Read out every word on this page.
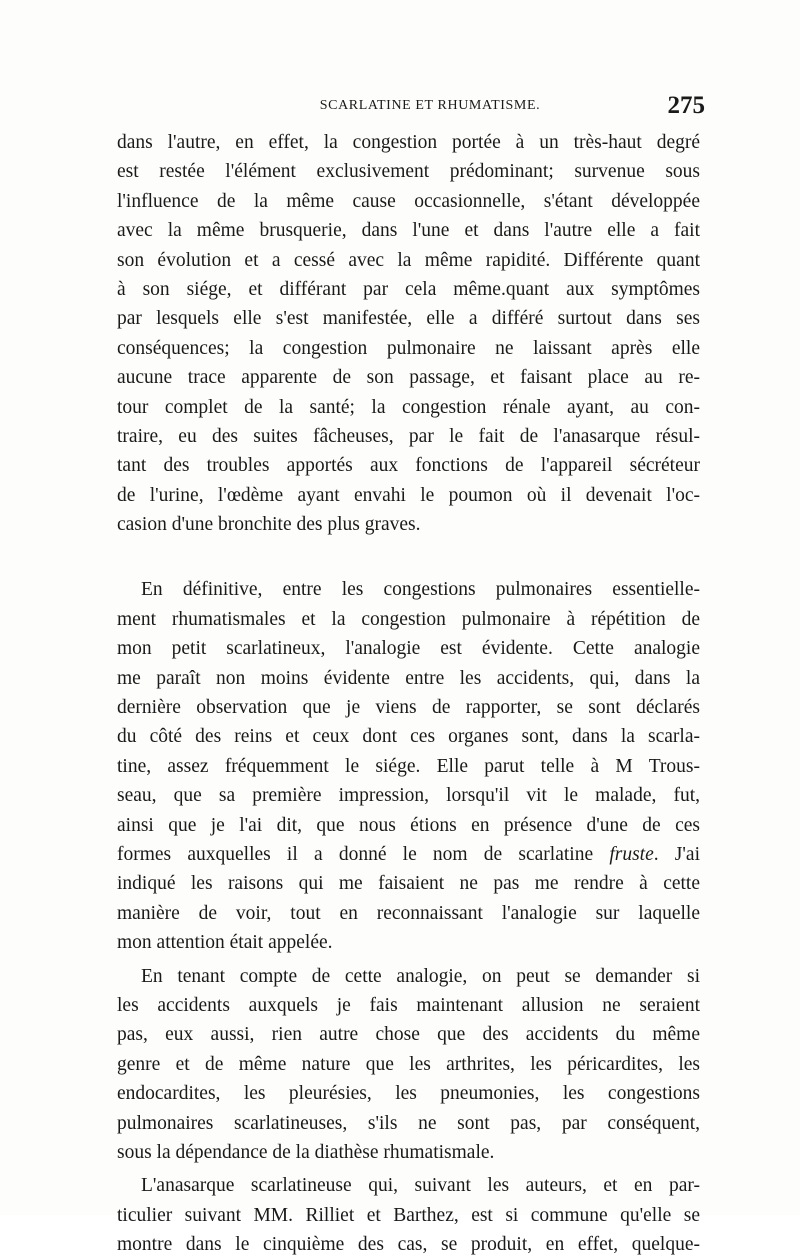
SCARLATINE ET RHUMATISME.	275
dans l'autre, en effet, la congestion portée à un très-haut degré
est restée l'élément exclusivement prédominant; survenue sous
l'influence de la même cause occasionnelle, s'étant développée
avec la même brusquerie, dans l'une et dans l'autre elle a fait
son évolution et a cessé avec la même rapidité. Différente quant
à son siége, et différant par cela même.quant aux symptômes
par lesquels elle s'est manifestée, elle a différé surtout dans ses
conséquences; la congestion pulmonaire ne laissant après elle
aucune trace apparente de son passage, et faisant place au re-
tour complet de la santé; la congestion rénale ayant, au con-
traire, eu des suites fâcheuses, par le fait de l'anasarque résul-
tant des troubles apportés aux fonctions de l'appareil sécréteur
de l'urine, l'œdème ayant envahi le poumon où il devenait l'oc-
casion d'une bronchite des plus graves.
En définitive, entre les congestions pulmonaires essentielle-
ment rhumatismales et la congestion pulmonaire à répétition de
mon petit scarlatineux, l'analogie est évidente. Cette analogie
me paraît non moins évidente entre les accidents, qui, dans la
dernière observation que je viens de rapporter, se sont déclarés
du côté des reins et ceux dont ces organes sont, dans la scarla-
tine, assez fréquemment le siége. Elle parut telle à M Trous-
seau, que sa première impression, lorsqu'il vit le malade, fut,
ainsi que je l'ai dit, que nous étions en présence d'une de ces
formes auxquelles il a donné le nom de scarlatine fruste. J'ai
indiqué les raisons qui me faisaient ne pas me rendre à cette
manière de voir, tout en reconnaissant l'analogie sur laquelle
mon attention était appelée.
En tenant compte de cette analogie, on peut se demander si
les accidents auxquels je fais maintenant allusion ne seraient
pas, eux aussi, rien autre chose que des accidents du même
genre et de même nature que les arthrites, les péricardites, les
endocardites, les pleurésies, les pneumonies, les congestions
pulmonaires scarlatineuses, s'ils ne sont pas, par conséquent,
sous la dépendance de la diathèse rhumatismale.
L'anasarque scarlatineuse qui, suivant les auteurs, et en par-
ticulier suivant MM. Rilliet et Barthez, est si commune qu'elle se
montre dans le cinquième des cas, se produit, en effet, quelque-
